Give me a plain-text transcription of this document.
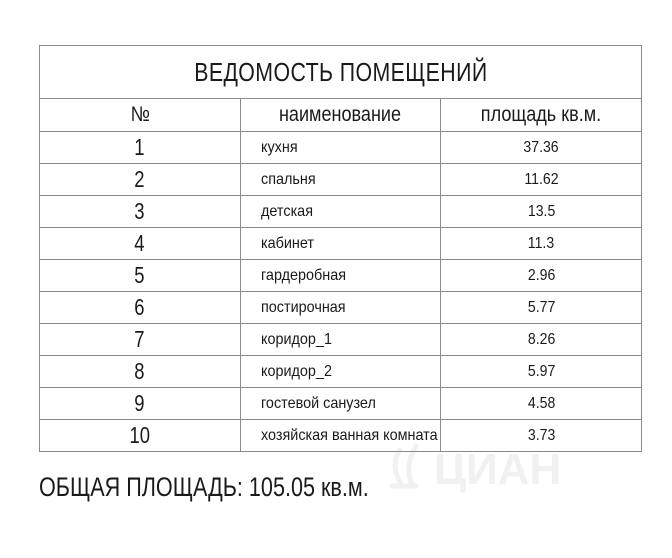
ВЕДОМОСТЬ ПОМЕЩЕНИЙ		
№	наименование	площадь кв.м.
1	кухня	37.36
2	спальня	11.62
3	детская	13.5
4	кабинет	11.3
5	гардеробная	2.96
6	постирочная	5.77
7	коридор_1	8.26
8	коридор_2	5.97
9	гостевой санузел	4.58
10	хозяйская ванная комната	3.73
ОБЩАЯ ПЛОЩАДЬ: 105.05 кв.м. ЦИАН
